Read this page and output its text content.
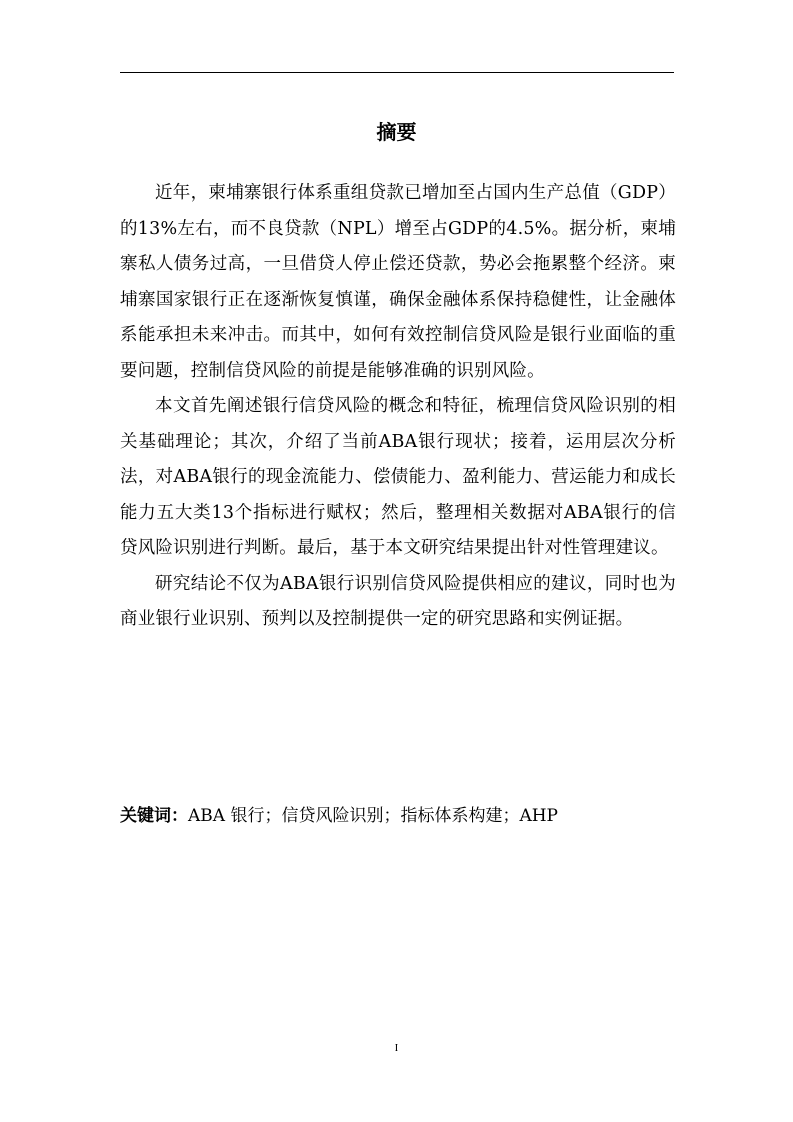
摘要

近年，柬埔寨银行体系重组贷款已增加至占国内生产总值（GDP）的13%左右，而不良贷款（NPL）增至占GDP的4.5%。据分析，柬埔寨私人债务过高，一旦借贷人停止偿还贷款，势必会拖累整个经济。柬埔寨国家银行正在逐渐恢复慎谨，确保金融体系保持稳健性，让金融体系能承担未来冲击。而其中，如何有效控制信贷风险是银行业面临的重要问题，控制信贷风险的前提是能够准确的识别风险。

本文首先阐述银行信贷风险的概念和特征，梳理信贷风险识别的相关基础理论；其次，介绍了当前ABA银行现状；接着，运用层次分析法，对ABA银行的现金流能力、偿债能力、盈利能力、营运能力和成长能力五大类13个指标进行赋权；然后，整理相关数据对ABA银行的信贷风险识别进行判断。最后，基于本文研究结果提出针对性管理建议。

研究结论不仅为ABA银行识别信贷风险提供相应的建议，同时也为商业银行业识别、预判以及控制提供一定的研究思路和实例证据。

关键词：ABA 银行；信贷风险识别；指标体系构建；AHP

I
